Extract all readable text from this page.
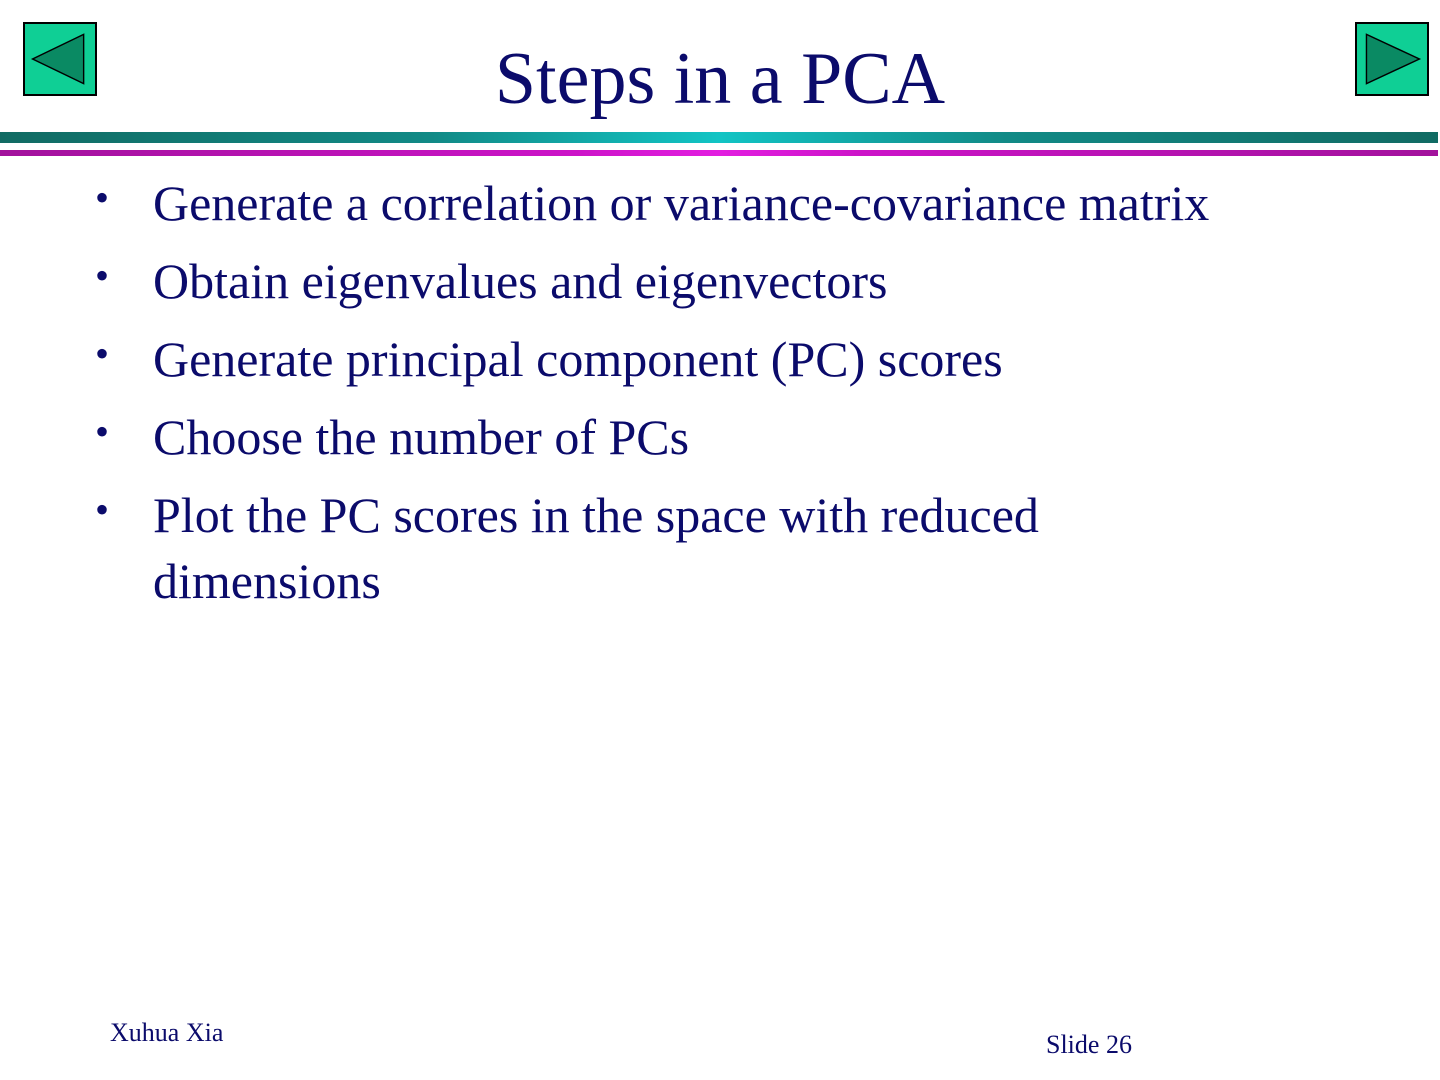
Steps in a PCA
• Generate a correlation or variance-covariance matrix
• Obtain eigenvalues and eigenvectors
• Generate principal component (PC) scores
• Choose the number of PCs
• Plot the PC scores in the space with reduced dimensions
Xuhua Xia	Slide 26
